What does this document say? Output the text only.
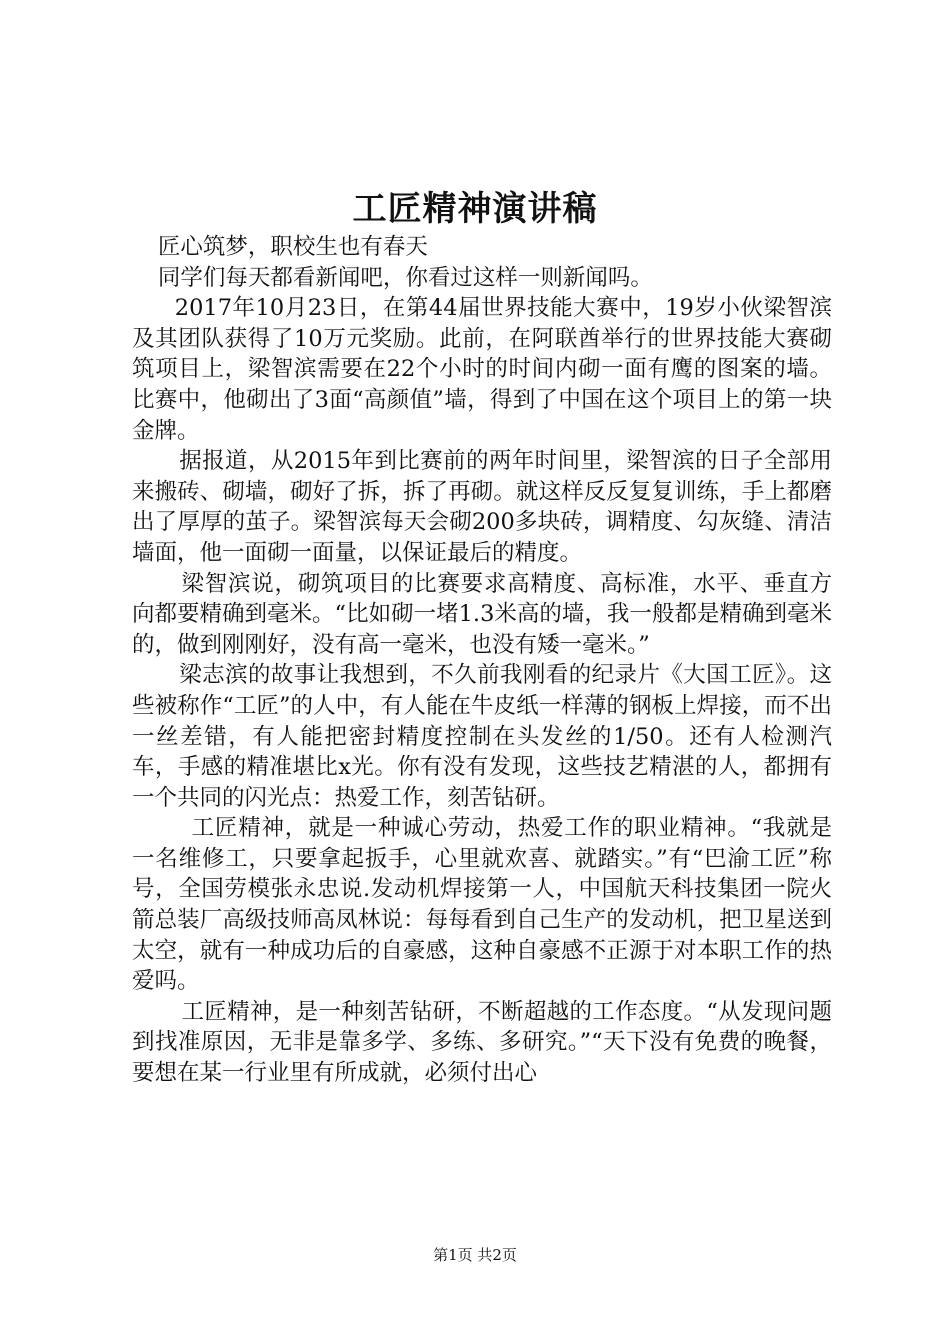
工匠精神演讲稿

匠心筑梦，职校生也有春天

同学们每天都看新闻吧，你看过这样一则新闻吗。

2017年10月23日，在第44届世界技能大赛中，19岁小伙梁智滨及其团队获得了10万元奖励。此前，在阿联酋举行的世界技能大赛砌筑项目上，梁智滨需要在22个小时的时间内砌一面有鹰的图案的墙。比赛中，他砌出了3面“高颜值”墙，得到了中国在这个项目上的第一块金牌。

据报道，从2015年到比赛前的两年时间里，梁智滨的日子全部用来搬砖、砌墙，砌好了拆，拆了再砌。就这样反反复复训练，手上都磨出了厚厚的茧子。梁智滨每天会砌200多块砖，调精度、勾灰缝、清洁墙面，他一面砌一面量，以保证最后的精度。

梁智滨说，砌筑项目的比赛要求高精度、高标准，水平、垂直方向都要精确到毫米。“比如砌一堵1.3米高的墙，我一般都是精确到毫米的，做到刚刚好，没有高一毫米，也没有矮一毫米。”

梁志滨的故事让我想到，不久前我刚看的纪录片《大国工匠》。这些被称作“工匠”的人中，有人能在牛皮纸一样薄的钢板上焊接，而不出一丝差错，有人能把密封精度控制在头发丝的1/50。还有人检测汽车，手感的精准堪比x光。你有没有发现，这些技艺精湛的人，都拥有一个共同的闪光点：热爱工作，刻苦钻研。

工匠精神，就是一种诚心劳动，热爱工作的职业精神。“我就是一名维修工，只要拿起扳手，心里就欢喜、就踏实。”有“巴渝工匠”称号，全国劳模张永忠说.发动机焊接第一人，中国航天科技集团一院火箭总装厂高级技师高凤林说：每每看到自己生产的发动机，把卫星送到太空，就有一种成功后的自豪感，这种自豪感不正源于对本职工作的热爱吗。

工匠精神，是一种刻苦钻研，不断超越的工作态度。“从发现问题到找准原因，无非是靠多学、多练、多研究。”“天下没有免费的晚餐，要想在某一行业里有所成就，必须付出心

第1页 共2页
